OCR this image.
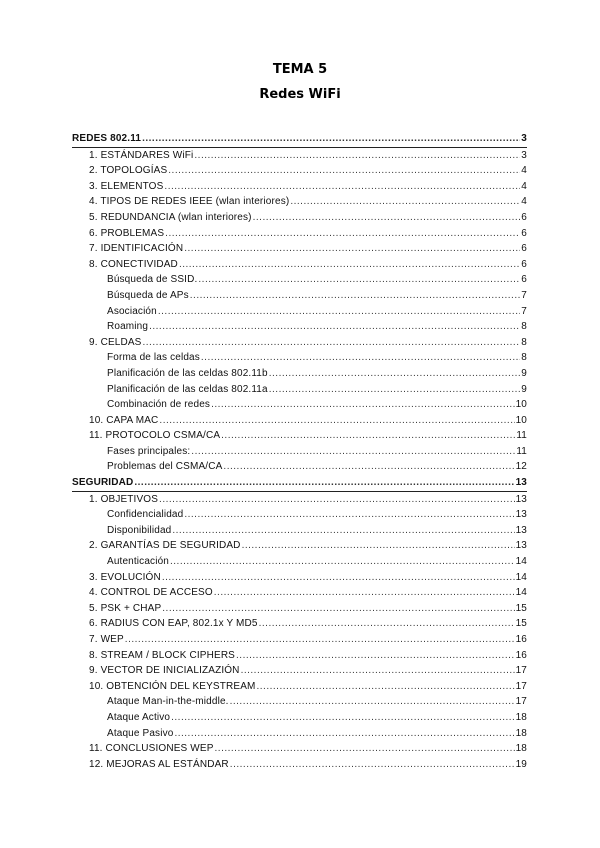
TEMA 5
Redes WiFi
REDES 802.11 .....	3
1. ESTÁNDARES WiFi .....	3
2. TOPOLOGÍAS .....	4
3. ELEMENTOS .....	4
4. TIPOS DE REDES IEEE (wlan interiores) .....	4
5. REDUNDANCIA (wlan interiores) .....	6
6. PROBLEMAS .....	6
7. IDENTIFICACIÓN .....	6
8. CONECTIVIDAD .....	6
Búsqueda de SSID. .....	6
Búsqueda de APs .....	7
Asociación .....	7
Roaming .....	8
9. CELDAS .....	8
Forma de las celdas .....	8
Planificación de las celdas 802.11b .....	9
Planificación de las celdas 802.11a .....	9
Combinación de redes .....	10
10. CAPA MAC .....	10
11. PROTOCOLO CSMA/CA .....	11
Fases principales: .....	11
Problemas del CSMA/CA .....	12
SEGURIDAD .....	13
1. OBJETIVOS .....	13
Confidencialidad .....	13
Disponibilidad .....	13
2. GARANTÍAS DE SEGURIDAD .....	13
Autenticación .....	14
3. EVOLUCIÓN .....	14
4. CONTROL DE ACCESO .....	14
5. PSK + CHAP .....	15
6. RADIUS CON EAP, 802.1x Y MD5 .....	15
7. WEP .....	16
8. STREAM / BLOCK CIPHERS .....	16
9. VECTOR DE INICIALIZAZIÓN .....	17
10. OBTENCIÓN DEL KEYSTREAM .....	17
Ataque Man-in-the-middle. .....	17
Ataque Activo .....	18
Ataque Pasivo .....	18
11. CONCLUSIONES WEP .....	18
12. MEJORAS AL ESTÁNDAR .....	19
